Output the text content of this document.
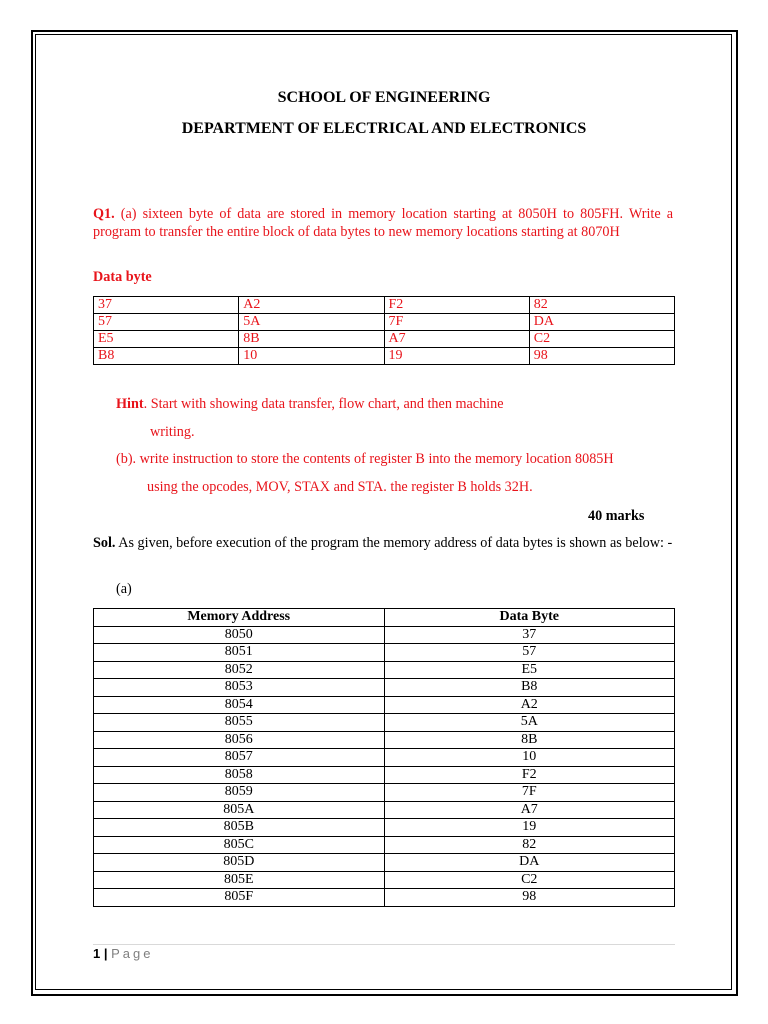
SCHOOL OF ENGINEERING
DEPARTMENT OF ELECTRICAL AND ELECTRONICS
Q1. (a) sixteen byte of data are stored in memory location starting at 8050H to 805FH. Write a program to transfer the entire block of data bytes to new memory locations starting at 8070H
Data byte
37	A2	F2	82
57	5A	7F	DA
E5	8B	A7	C2
B8	10	19	98
Hint. Start with showing data transfer, flow chart, and then machine
writing.
(b). write instruction to store the contents of register B into the memory location 8085H
using the opcodes, MOV, STAX and STA. the register B holds 32H.
40 marks
Sol. As given, before execution of the program the memory address of data bytes is shown as below: -
(a)
Memory Address	Data Byte
8050	37
8051	57
8052	E5
8053	B8
8054	A2
8055	5A
8056	8B
8057	10
8058	F2
8059	7F
805A	A7
805B	19
805C	82
805D	DA
805E	C2
805F	98
1 | Page
